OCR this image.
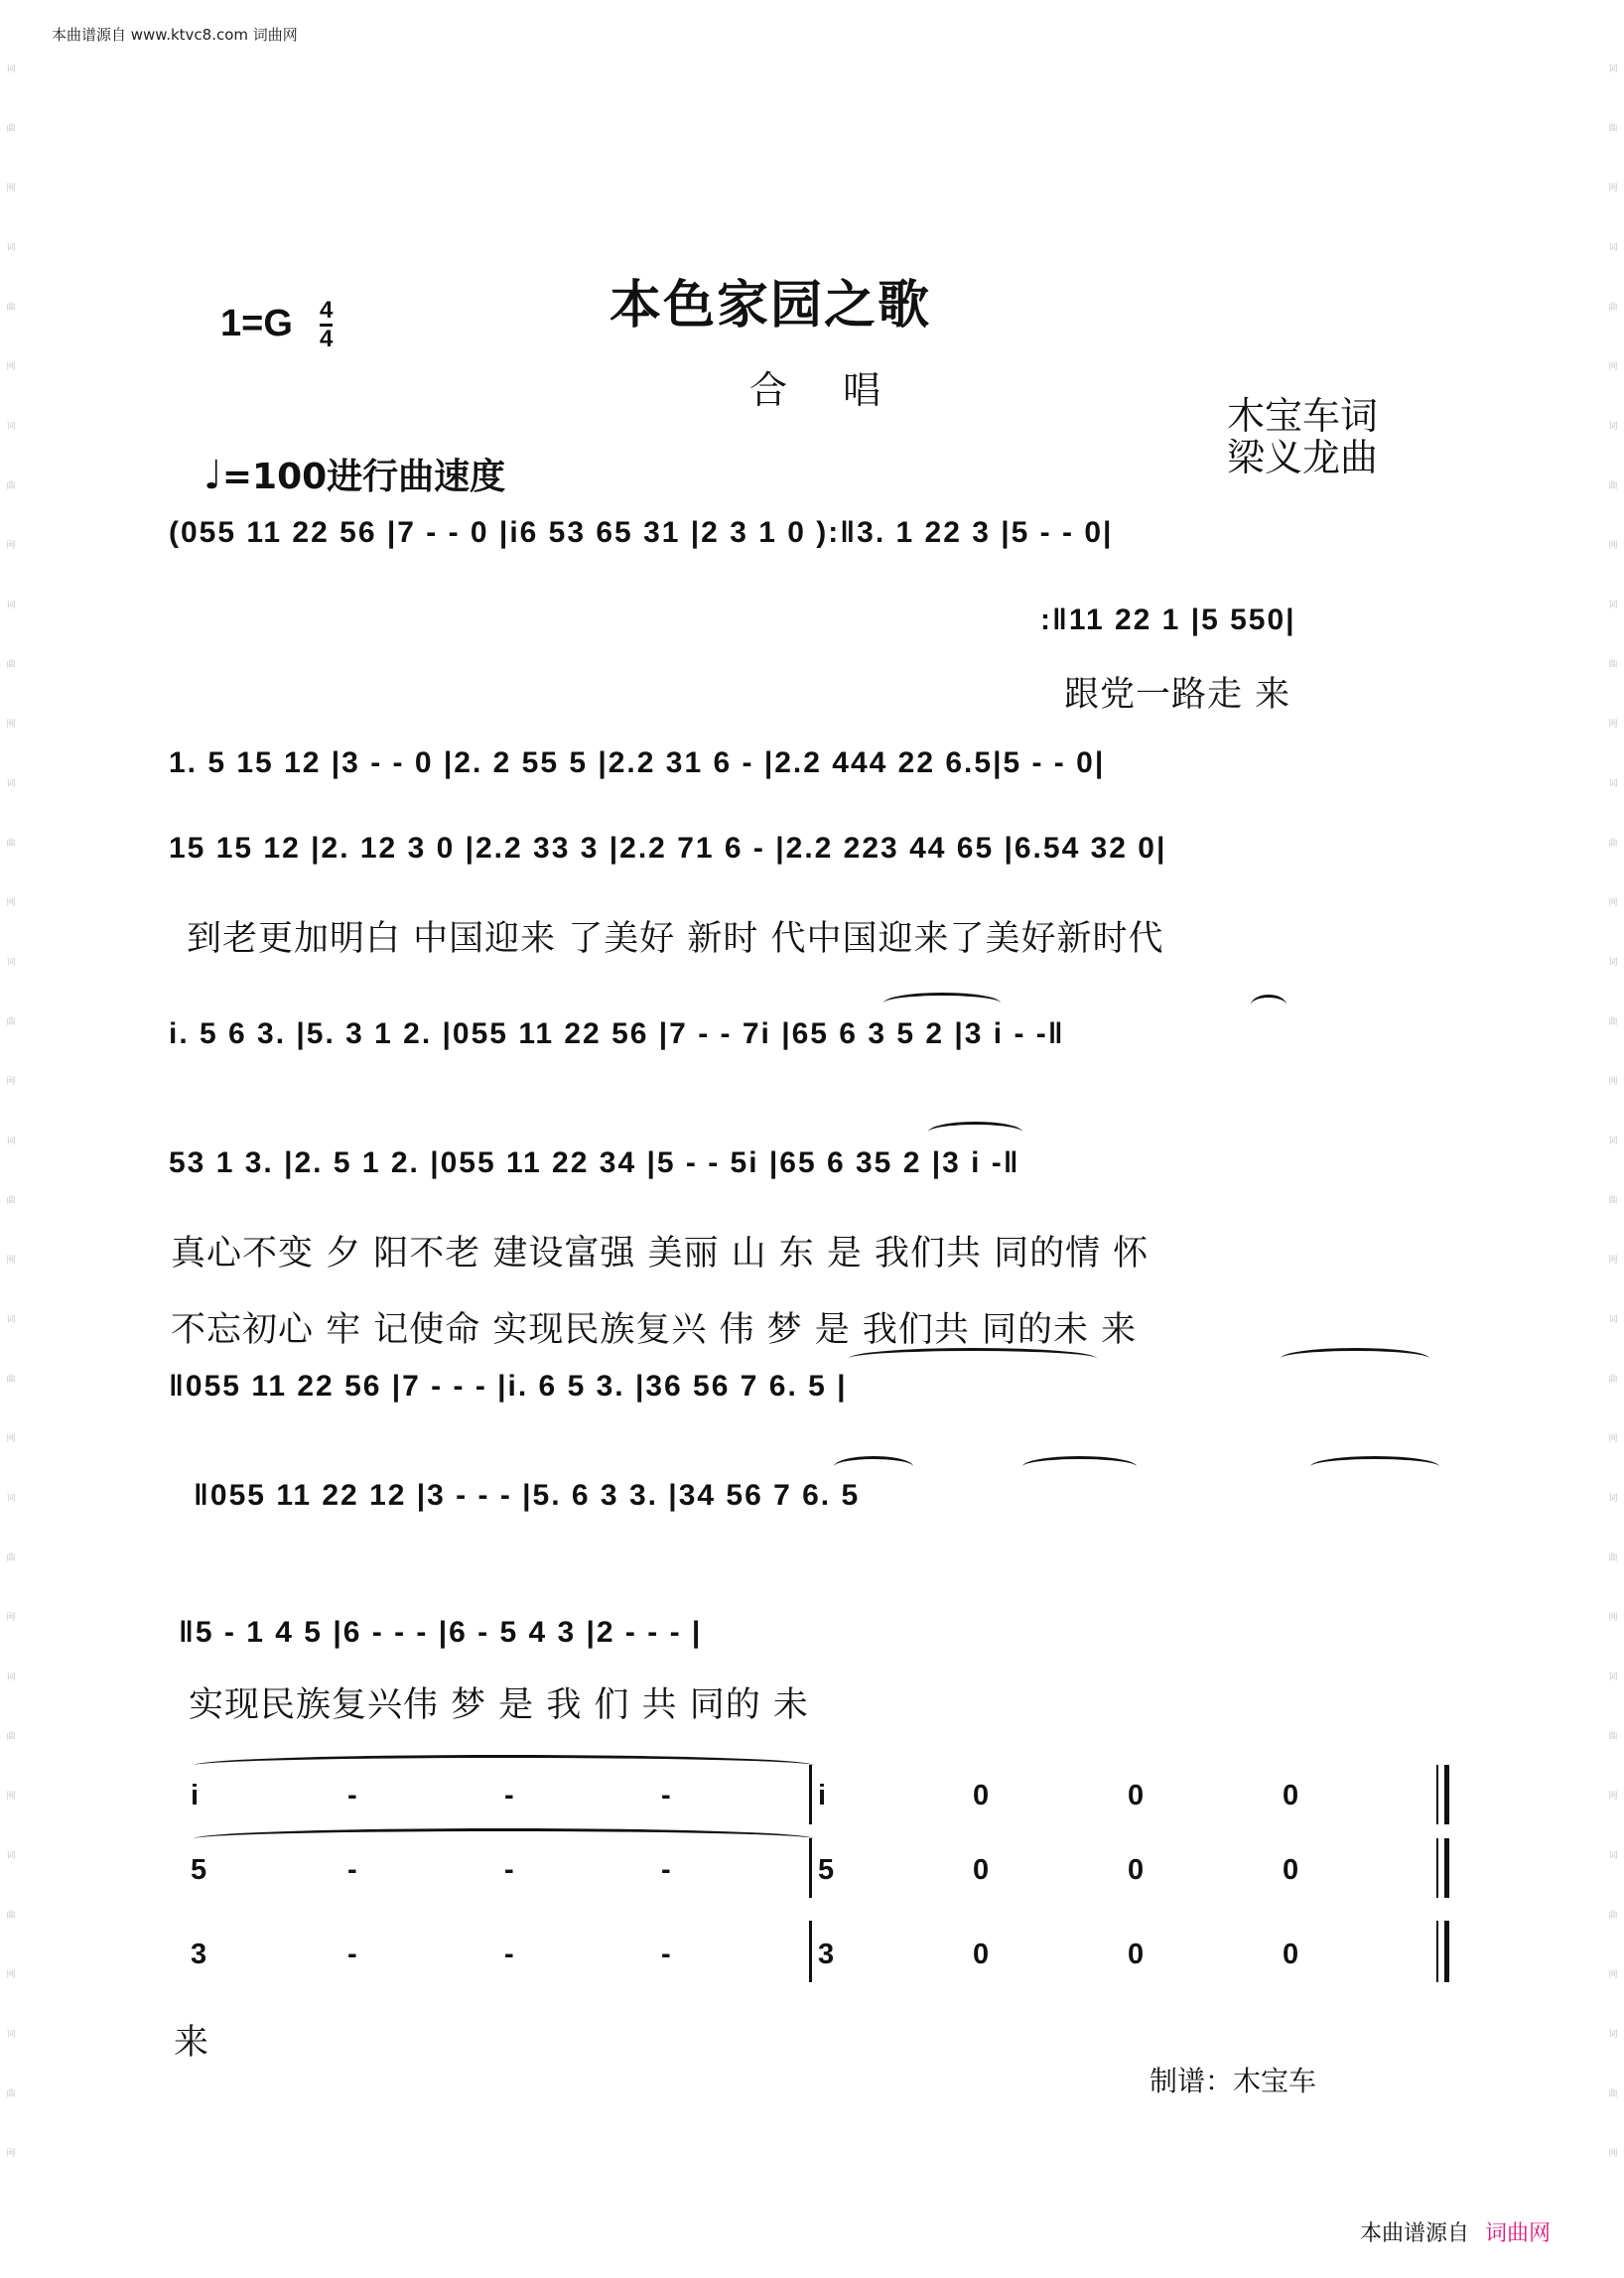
词
曲
网
词
曲
网
词
曲
网
词
曲
网
词
曲
网
词
曲
网
词
曲
网
词
曲
网
词
曲
网
词
曲
网
词
曲
网
词
曲
网
词
曲
网
词
曲
网
词
曲
网
词
曲
网
词
曲
网
词
曲
网
词
曲
网
词
曲
网
词
曲
网
词
曲
网
词
曲
网
词
曲
网
本曲谱源自 www.ktvc8.com 词曲网
1=G 4
4
本色家园之歌
合 唱
木宝车词
梁义龙曲
♩=100进行曲速度
(055 11 22 56 |7 - - 0 |i6 53 65 31 |2 3 1 0 ):‖3. 1 22 3 |5 - - 0|
:‖11 22 1 |5 550|
跟党一路走 来
1. 5 15 12 |3 - - 0 |2. 2 55 5 |2.2 31 6 - |2.2 444 22 6.5|5 - - 0|
15 15 12 |2. 12 3 0 |2.2 33 3 |2.2 71 6 - |2.2 223 44 65 |6.54 32 0|
到老更加明白 中国迎来 了美好 新时 代中国迎来了美好新时代
i. 5 6 3. |5. 3 1 2. |055 11 22 56 |7 - - 7i |65 6 3 5 2 |3 i - -‖
53 1 3. |2. 5 1 2. |055 11 22 34 |5 - - 5i |65 6 35 2 |3 i -‖
真心不变 夕 阳不老 建设富强 美丽 山 东 是 我们共 同的情 怀
不忘初心 牢 记使命 实现民族复兴 伟 梦 是 我们共 同的未 来
‖055 11 22 56 |7 - - - |i. 6 5 3. |36 56 7 6. 5 |
‖055 11 22 12 |3 - - - |5. 6 3 3. |34 56 7 6. 5
‖5 - 1 4 5 |6 - - - |6 - 5 4 3 |2 - - - |
实现民族复兴伟 梦 是 我 们 共 同的 未
i	-	-	-	i	0	0	0
5	-	-	-	5	0	0	0
3	-	-	-	3	0	0	0
来
制谱：木宝车
本曲谱源自 词曲网
